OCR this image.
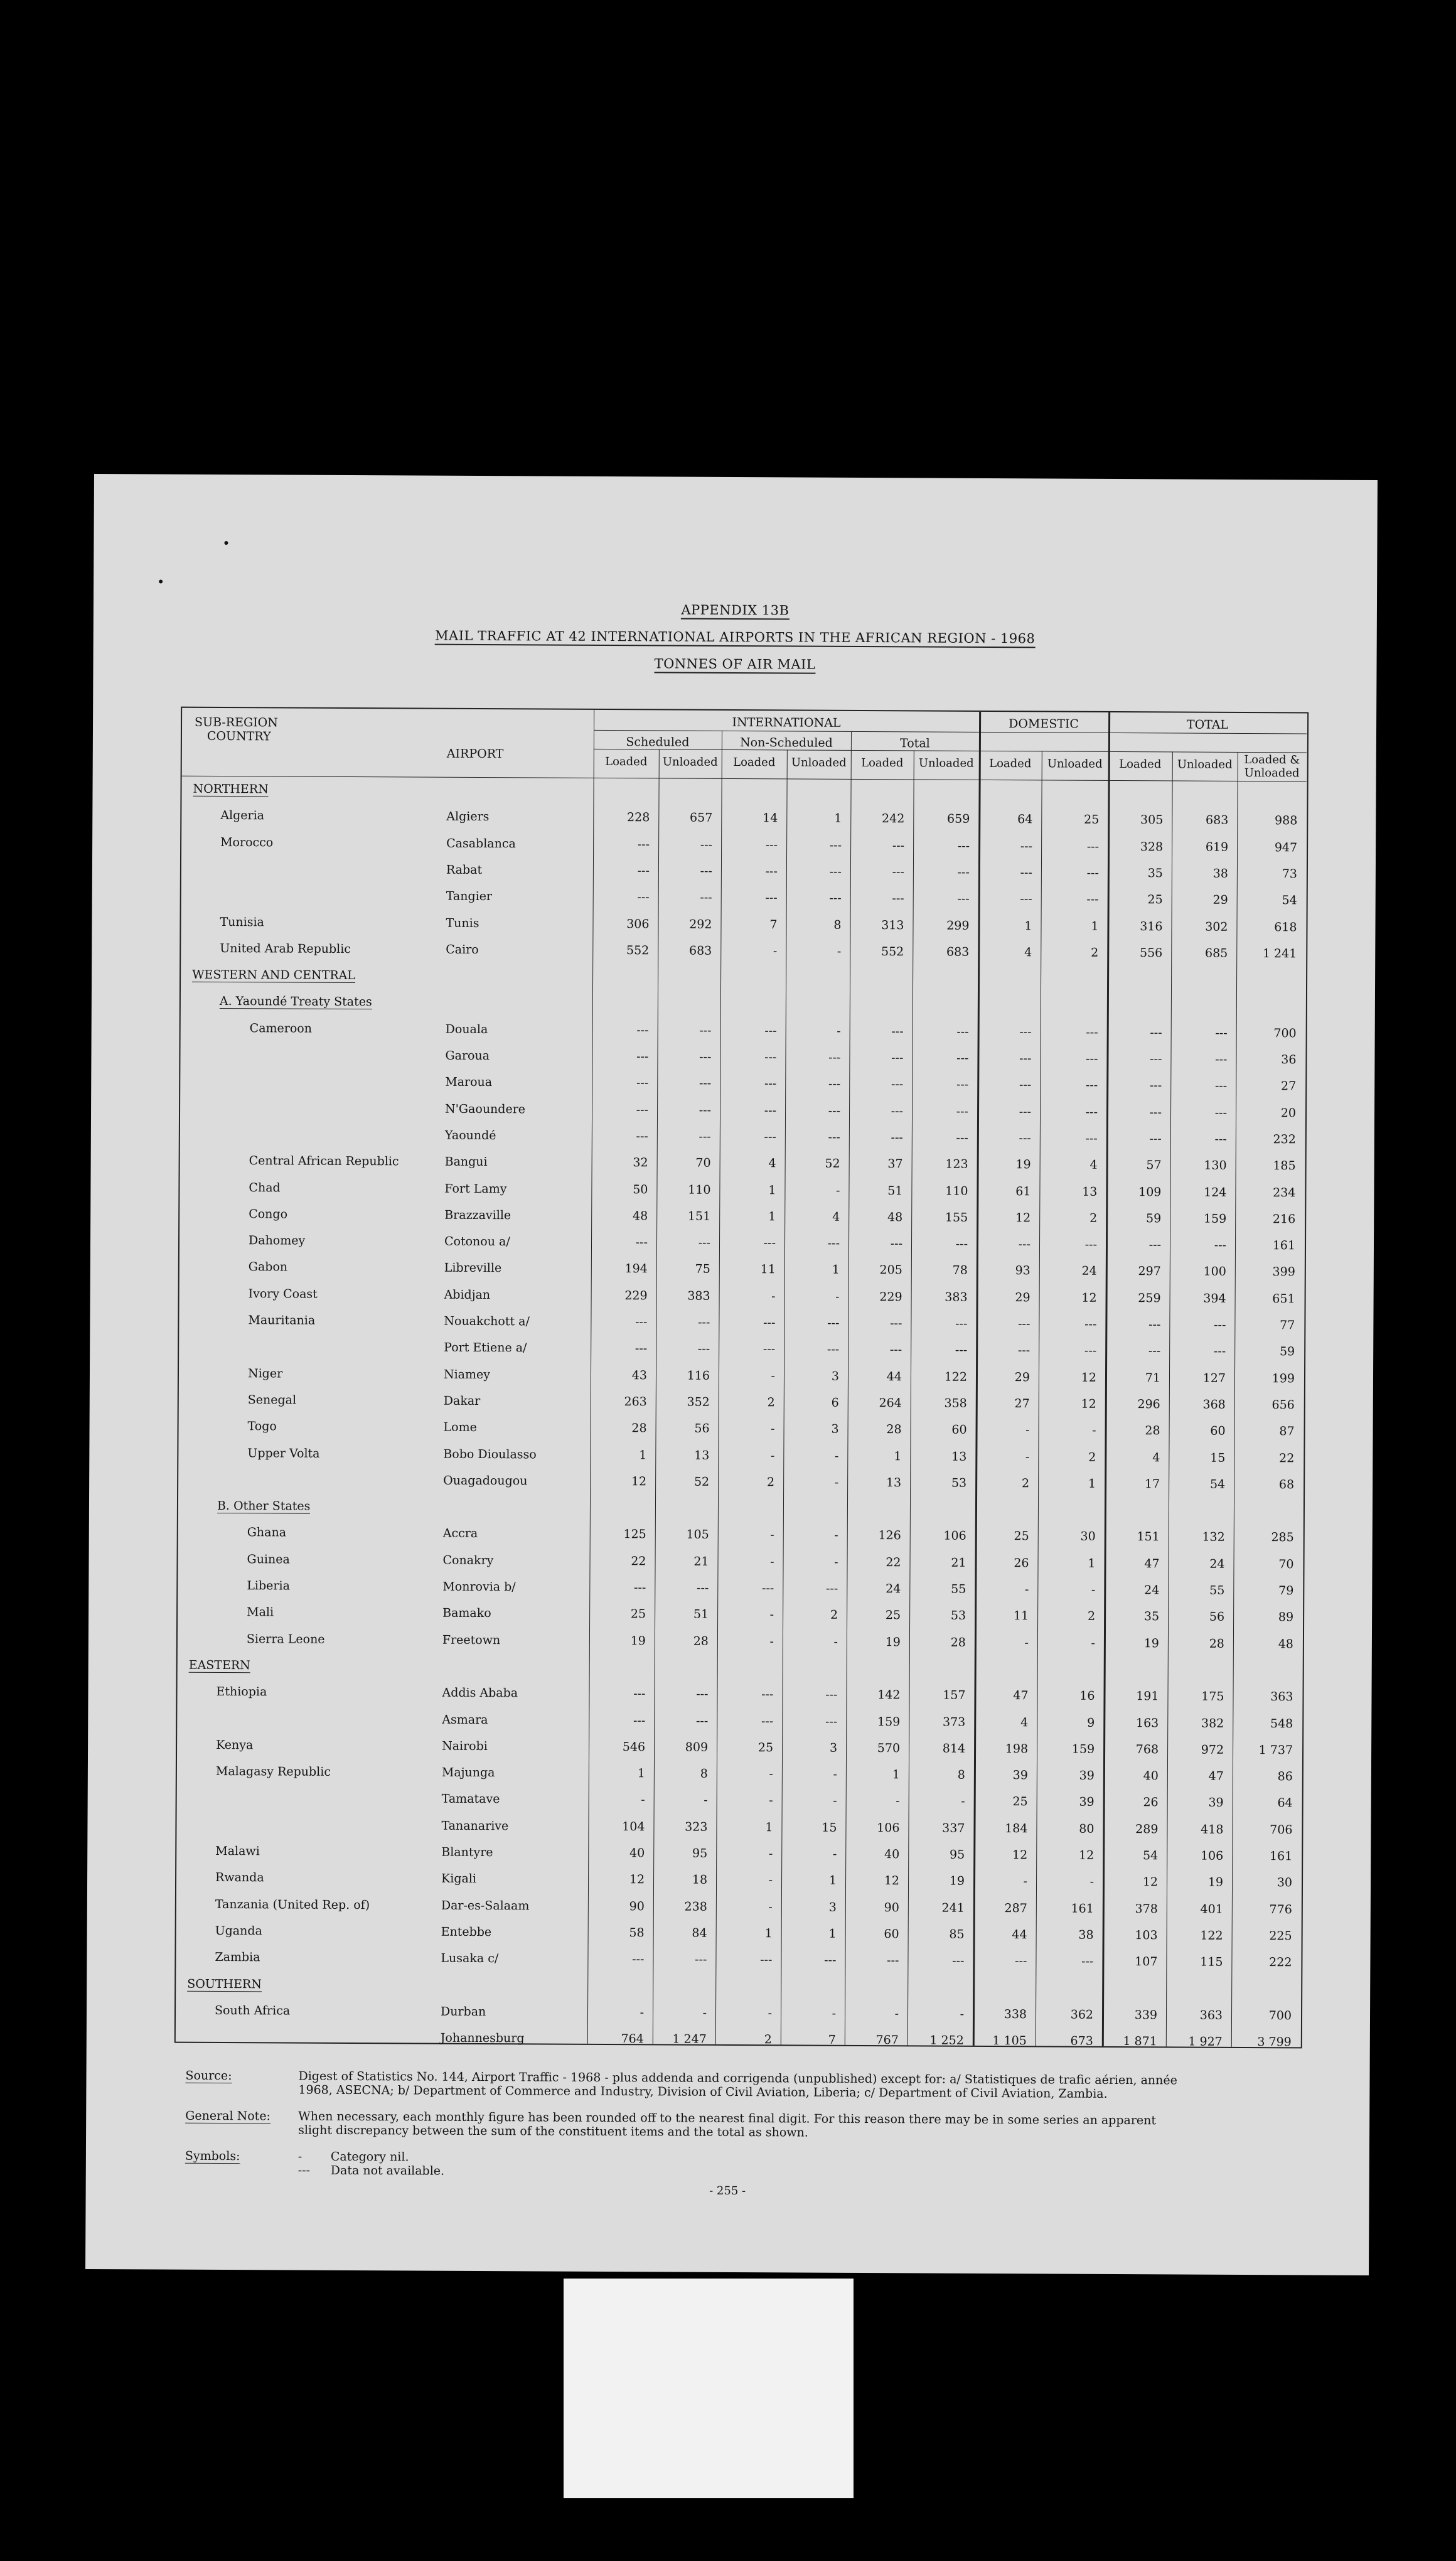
APPENDIX 13B
MAIL TRAFFIC AT 42 INTERNATIONAL AIRPORTS IN THE AFRICAN REGION - 1968
TONNES OF AIR MAIL
SUB-REGION
COUNTRY
AIRPORT
INTERNATIONAL	DOMESTIC	TOTAL
Scheduled	Non-Scheduled	Total
Loaded	Unloaded	Loaded	Unloaded	Loaded	Unloaded	Loaded	Unloaded	Loaded	Unloaded	Loaded &
Unloaded
NORTHERN
Algeria	Algiers	228	657	14	1	242	659	64	25	305	683	988
Morocco	Casablanca	---	---	---	---	---	---	---	---	328	619	947
Rabat	---	---	---	---	---	---	---	---	35	38	73
Tangier	---	---	---	---	---	---	---	---	25	29	54
Tunisia	Tunis	306	292	7	8	313	299	1	1	316	302	618
United Arab Republic	Cairo	552	683	-	-	552	683	4	2	556	685	1 241
WESTERN AND CENTRAL
A. Yaoundé Treaty States
Cameroon	Douala	---	---	---	-	---	---	---	---	---	---	700
Garoua	---	---	---	---	---	---	---	---	---	---	36
Maroua	---	---	---	---	---	---	---	---	---	---	27
N'Gaoundere	---	---	---	---	---	---	---	---	---	---	20
Yaoundé	---	---	---	---	---	---	---	---	---	---	232
Central African Republic	Bangui	32	70	4	52	37	123	19	4	57	130	185
Chad	Fort Lamy	50	110	1	-	51	110	61	13	109	124	234
Congo	Brazzaville	48	151	1	4	48	155	12	2	59	159	216
Dahomey	Cotonou a/	---	---	---	---	---	---	---	---	---	---	161
Gabon	Libreville	194	75	11	1	205	78	93	24	297	100	399
Ivory Coast	Abidjan	229	383	-	-	229	383	29	12	259	394	651
Mauritania	Nouakchott a/	---	---	---	---	---	---	---	---	---	---	77
Port Etiene a/	---	---	---	---	---	---	---	---	---	---	59
Niger	Niamey	43	116	-	3	44	122	29	12	71	127	199
Senegal	Dakar	263	352	2	6	264	358	27	12	296	368	656
Togo	Lome	28	56	-	3	28	60	-	-	28	60	87
Upper Volta	Bobo Dioulasso	1	13	-	-	1	13	-	2	4	15	22
Ouagadougou	12	52	2	-	13	53	2	1	17	54	68
B. Other States
Ghana	Accra	125	105	-	-	126	106	25	30	151	132	285
Guinea	Conakry	22	21	-	-	22	21	26	1	47	24	70
Liberia	Monrovia b/	---	---	---	---	24	55	-	-	24	55	79
Mali	Bamako	25	51	-	2	25	53	11	2	35	56	89
Sierra Leone	Freetown	19	28	-	-	19	28	-	-	19	28	48
EASTERN
Ethiopia	Addis Ababa	---	---	---	---	142	157	47	16	191	175	363
Asmara	---	---	---	---	159	373	4	9	163	382	548
Kenya	Nairobi	546	809	25	3	570	814	198	159	768	972	1 737
Malagasy Republic	Majunga	1	8	-	-	1	8	39	39	40	47	86
Tamatave	-	-	-	-	-	-	25	39	26	39	64
Tananarive	104	323	1	15	106	337	184	80	289	418	706
Malawi	Blantyre	40	95	-	-	40	95	12	12	54	106	161
Rwanda	Kigali	12	18	-	1	12	19	-	-	12	19	30
Tanzania (United Rep. of)	Dar-es-Salaam	90	238	-	3	90	241	287	161	378	401	776
Uganda	Entebbe	58	84	1	1	60	85	44	38	103	122	225
Zambia	Lusaka c/	---	---	---	---	---	---	---	---	107	115	222
SOUTHERN
South Africa	Durban	-	-	-	-	-	-	338	362	339	363	700
Johannesburg	764	1 247	2	7	767	1 252	1 105	673	1 871	1 927	3 799
Source:	Digest of Statistics No. 144, Airport Traffic - 1968 - plus addenda and corrigenda (unpublished) except for: a/ Statistiques de trafic aérien, année
1968, ASECNA; b/ Department of Commerce and Industry, Division of Civil Aviation, Liberia; c/ Department of Civil Aviation, Zambia.
General Note: When necessary, each monthly figure has been rounded off to the nearest final digit. For this reason there may be in some series an apparent
slight discrepancy between the sum of the constituent items and the total as shown.
Symbols:	- Category nil.
--- Data not available.
- 255 -
